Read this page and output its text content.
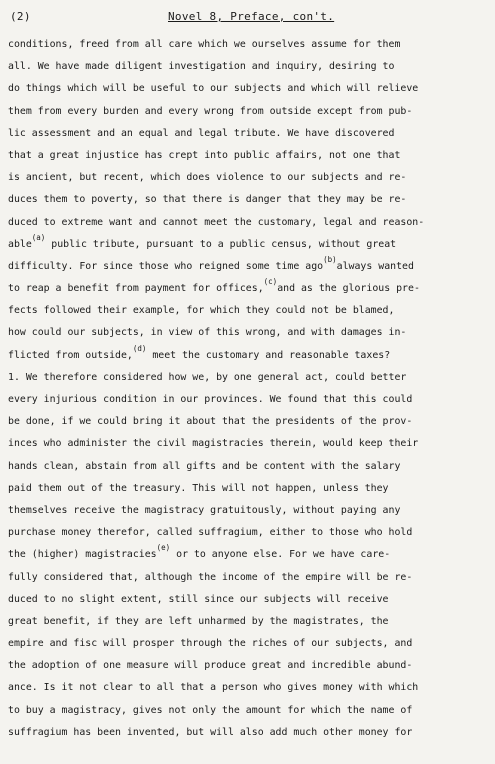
(2)	Novel 8, Preface, con't.
conditions, freed from all care which we ourselves assume for them
all. We have made diligent investigation and inquiry, desiring to
do things which will be useful to our subjects and which will relieve
them from every burden and every wrong from outside except from pub-
lic assessment and an equal and legal tribute. We have discovered
that a great injustice has crept into public affairs, not one that
is ancient, but recent, which does violence to our subjects and re-
duces them to poverty, so that there is danger that they may be re-
duced to extreme want and cannot meet the customary, legal and reason-
able$^{(a)}$ public tribute, pursuant to a public census, without great
difficulty. For since those who reigned some time ago$^{(b)}$always wanted
to reap a benefit from payment for offices,$^{(c)}$and as the glorious pre-
fects followed their example, for which they could not be blamed,
how could our subjects, in view of this wrong, and with damages in-
flicted from outside,$^{(d)}$ meet the customary and reasonable taxes?
1. We therefore considered how we, by one general act, could better
every injurious condition in our provinces. We found that this could
be done, if we could bring it about that the presidents of the prov-
inces who administer the civil magistracies therein, would keep their
hands clean, abstain from all gifts and be content with the salary
paid them out of the treasury. This will not happen, unless they
themselves receive the magistracy gratuitously, without paying any
purchase money therefor, called suffragium, either to those who hold
the (higher) magistracies$^{(e)}$ or to anyone else. For we have care-
fully considered that, although the income of the empire will be re-
duced to no slight extent, still since our subjects will receive
great benefit, if they are left unharmed by the magistrates, the
empire and fisc will prosper through the riches of our subjects, and
the adoption of one measure will produce great and incredible abund-
ance. Is it not clear to all that a person who gives money with which
to buy a magistracy, gives not only the amount for which the name of
suffragium has been invented, but will also add much other money for
